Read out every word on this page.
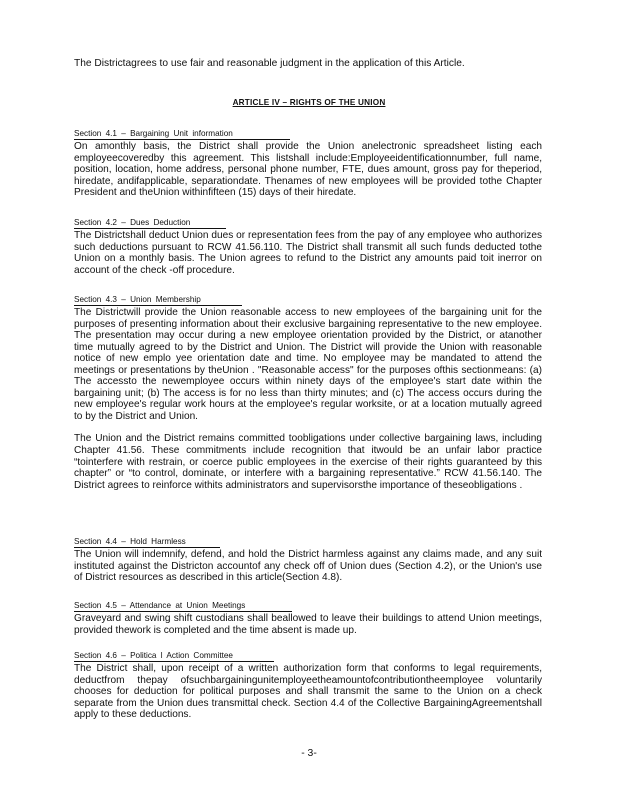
The Districtagrees to use fair and reasonable judgment in the application of this Article.

ARTICLE IV – RIGHTS OF THE UNION
Section 4.1 – Bargaining Unit information

On amonthly basis, the District shall provide the Union anelectronic spreadsheet listing each employeecoveredby this agreement. This listshall include:Employeeidentificationnumber, full name, position, location, home address, personal phone number, FTE, dues amount, gross pay for theperiod, hiredate, andifapplicable, separationdate. Thenames of new employees will be provided tothe Chapter President and theUnion withinfifteen (15) days of their hiredate.

Section 4.2 – Dues Deduction

The Districtshall deduct Union dues or representation fees from the pay of any employee who authorizes such deductions pursuant to RCW 41.56.110. The District shall transmit all such funds deducted tothe Union on a monthly basis. The Union agrees to refund to the District any amounts paid toit inerror on account of the check -off procedure.

Section 4.3 – Union Membership

The Districtwill provide the Union reasonable access to new employees of the bargaining unit for the purposes of presenting information about their exclusive bargaining representative to the new employee. The presentation may occur during a new employee orientation provided by the District, or atanother time mutually agreed to by the District and Union. The District will provide the Union with reasonable notice of new emplo yee orientation date and time. No employee may be mandated to attend the meetings or presentations by theUnion . "Reasonable access" for the purposes ofthis sectionmeans: (a) The accessto the newemployee occurs within ninety days of the employee's start date within the bargaining unit; (b) The access is for no less than thirty minutes; and (c) The access occurs during the new employee's regular work hours at the employee's regular worksite, or at a location mutually agreed to by the District and Union.

The Union and the District remains committed toobligations under collective bargaining laws, including Chapter 41.56. These commitments include recognition that itwould be an unfair labor practice “tointerfere with restrain, or coerce public employees in the exercise of their rights guaranteed by this chapter” or “to control, dominate, or interfere with a bargaining representative.” RCW 41.56.140. The District agrees to reinforce withits administrators and supervisorsthe importance of theseobligations .

Section 4.4 – Hold Harmless

The Union will indemnify, defend, and hold the District harmless against any claims made, and any suit instituted against the Districton accountof any check off of Union dues (Section 4.2), or the Union's use of District resources as described in this article(Section 4.8).

Section 4.5 – Attendance at Union Meetings

Graveyard and swing shift custodians shall beallowed to leave their buildings to attend Union meetings, provided thework is completed and the time absent is made up.

Section 4.6 – Politica l Action Committee

The District shall, upon receipt of a written authorization form that conforms to legal requirements, deductfrom thepay ofsuchbargainingunitemployeetheamountofcontributiontheemployee voluntarily chooses for deduction for political purposes and shall transmit the same to the Union on a check separate from the Union dues transmittal check. Section 4.4 of the Collective BargainingAgreementshall apply to these deductions.

- 3-
